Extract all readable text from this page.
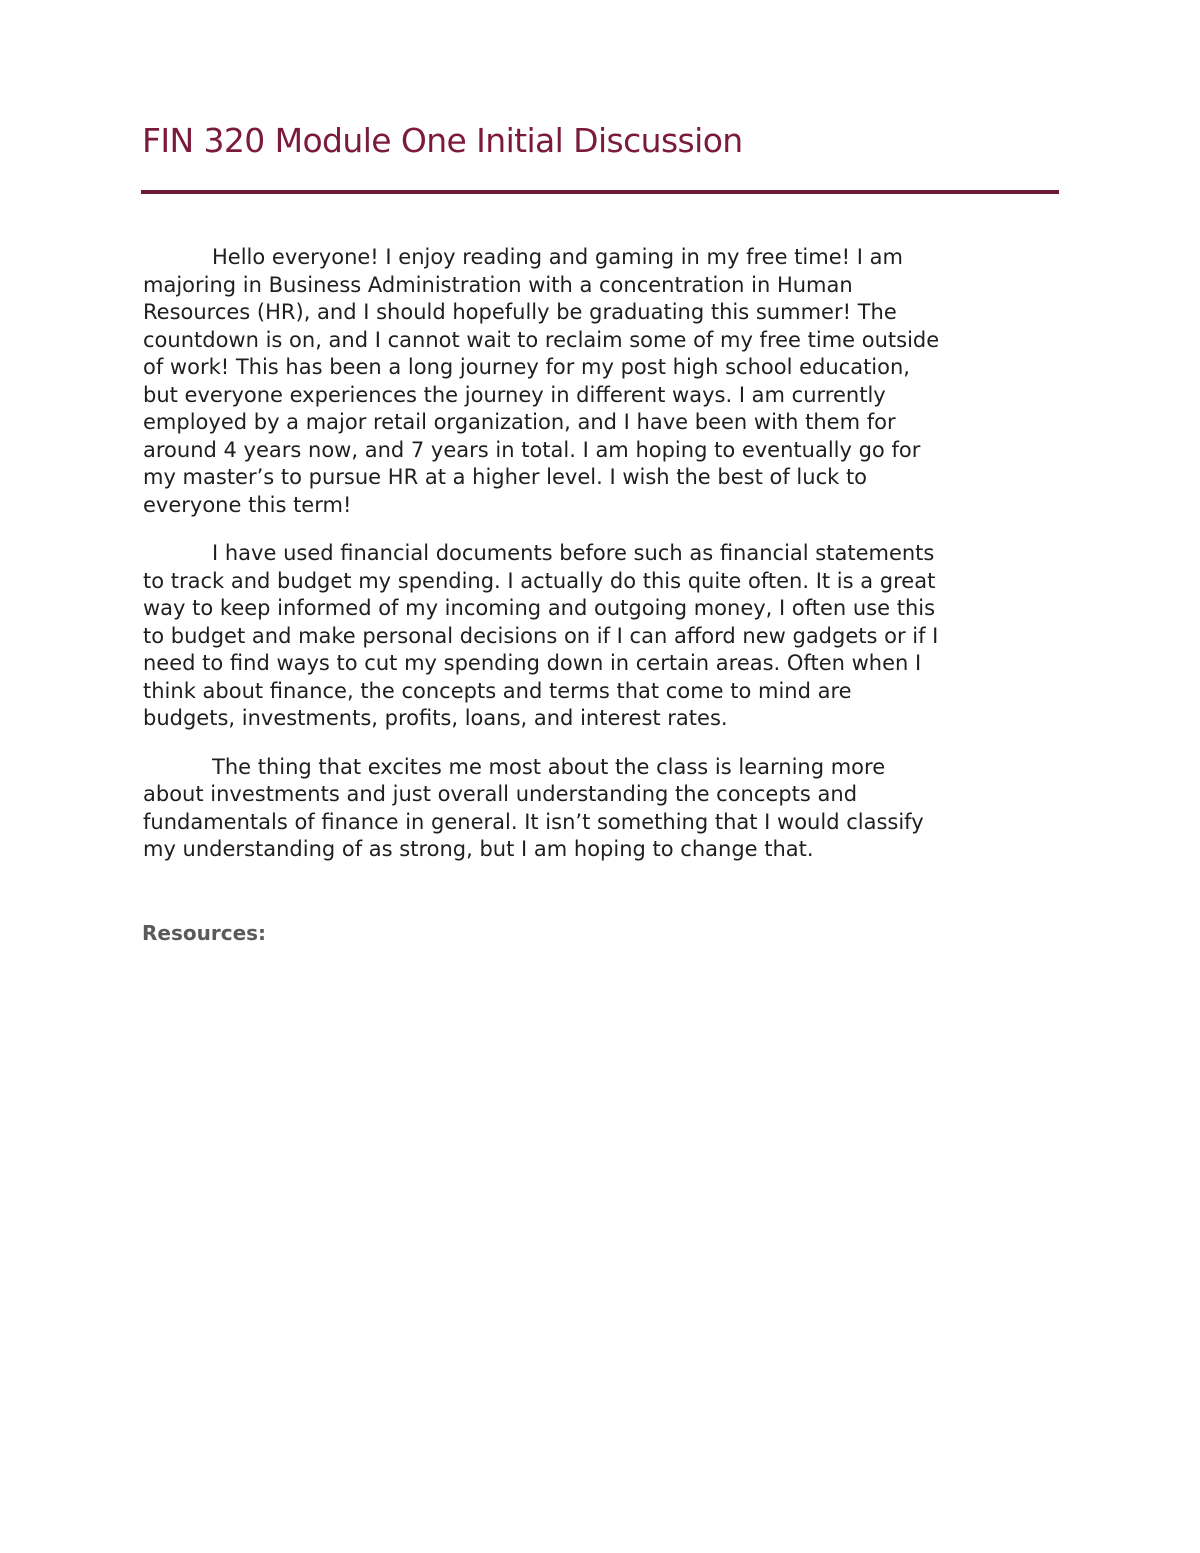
FIN 320 Module One Initial Discussion

Hello everyone! I enjoy reading and gaming in my free time! I am
majoring in Business Administration with a concentration in Human
Resources (HR), and I should hopefully be graduating this summer! The
countdown is on, and I cannot wait to reclaim some of my free time outside
of work! This has been a long journey for my post high school education,
but everyone experiences the journey in different ways. I am currently
employed by a major retail organization, and I have been with them for
around 4 years now, and 7 years in total. I am hoping to eventually go for
my master’s to pursue HR at a higher level. I wish the best of luck to
everyone this term!

I have used financial documents before such as financial statements
to track and budget my spending. I actually do this quite often. It is a great
way to keep informed of my incoming and outgoing money, I often use this
to budget and make personal decisions on if I can afford new gadgets or if I
need to find ways to cut my spending down in certain areas. Often when I
think about finance, the concepts and terms that come to mind are
budgets, investments, profits, loans, and interest rates.

The thing that excites me most about the class is learning more
about investments and just overall understanding the concepts and
fundamentals of finance in general. It isn’t something that I would classify
my understanding of as strong, but I am hoping to change that.

Resources:
